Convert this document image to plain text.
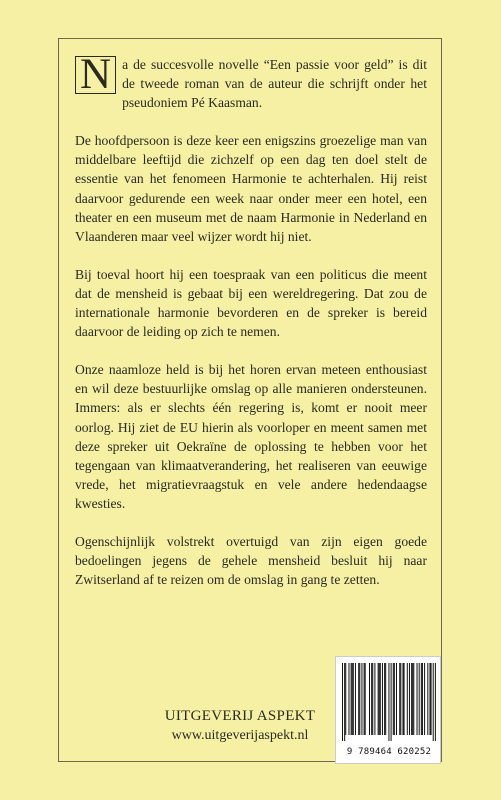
N a de succesvolle novelle “Een passie voor geld” is dit de tweede roman van de auteur die schrijft onder het pseudoniem Pé Kaasman.

De hoofdpersoon is deze keer een enigszins groezelige man van middelbare leeftijd die zichzelf op een dag ten doel stelt de essentie van het fenomeen Harmonie te achterhalen. Hij reist daarvoor gedurende een week naar onder meer een hotel, een theater en een museum met de naam Harmonie in Nederland en Vlaanderen maar veel wijzer wordt hij niet.

Bij toeval hoort hij een toespraak van een politicus die meent dat de mensheid is gebaat bij een wereldregering. Dat zou de internationale harmonie bevorderen en de spreker is bereid daarvoor de leiding op zich te nemen.

Onze naamloze held is bij het horen ervan meteen enthousiast en wil deze bestuurlijke omslag op alle manieren ondersteunen. Immers: als er slechts één regering is, komt er nooit meer oorlog. Hij ziet de EU hierin als voorloper en meent samen met deze spreker uit Oekraïne de oplossing te hebben voor het tegengaan van klimaatverandering, het realiseren van eeuwige vrede, het migratievraagstuk en vele andere hedendaagse kwesties.

Ogenschijnlijk volstrekt overtuigd van zijn eigen goede bedoelingen jegens de gehele mensheid besluit hij naar Zwitserland af te reizen om de omslag in gang te zetten.

UITGEVERIJ ASPEKT
www.uitgeverijaspekt.nl
9 789464 620252
